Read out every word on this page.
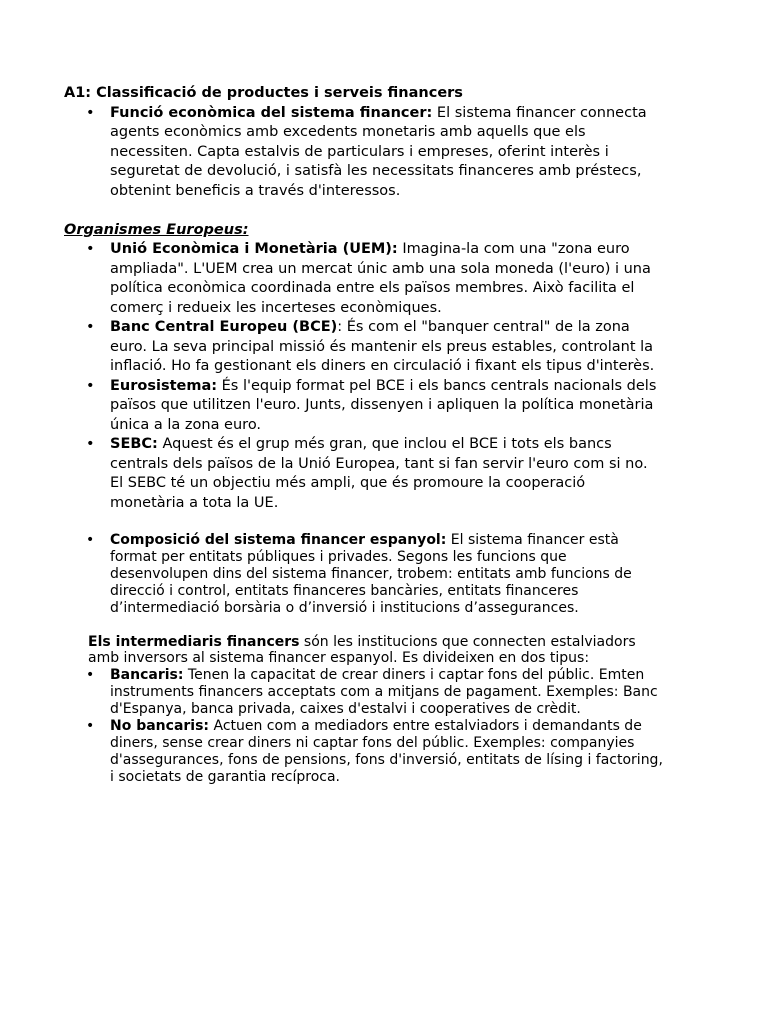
A1: Classificació de productes i serveis financers

• Funció econòmica del sistema financer: El sistema financer connecta agents econòmics amb excedents monetaris amb aquells que els necessiten. Capta estalvis de particulars i empreses, oferint interès i seguretat de devolució, i satisfà les necessitats financeres amb préstecs, obtenint beneficis a través d'interessos.
Organismes Europeus:
• Unió Econòmica i Monetària (UEM): Imagina-la com una "zona euro ampliada". L'UEM crea un mercat únic amb una sola moneda (l'euro) i una política econòmica coordinada entre els països membres. Això facilita el comerç i redueix les incerteses econòmiques.
• Banc Central Europeu (BCE): És com el "banquer central" de la zona euro. La seva principal missió és mantenir els preus estables, controlant la inflació. Ho fa gestionant els diners en circulació i fixant els tipus d'interès.
• Eurosistema: És l'equip format pel BCE i els bancs centrals nacionals dels països que utilitzen l'euro. Junts, dissenyen i apliquen la política monetària única a la zona euro.
• SEBC: Aquest és el grup més gran, que inclou el BCE i tots els bancs centrals dels països de la Unió Europea, tant si fan servir l'euro com si no. El SEBC té un objectiu més ampli, que és promoure la cooperació monetària a tota la UE.
• Composició del sistema financer espanyol: El sistema financer està format per entitats públiques i privades. Segons les funcions que desenvolupen dins del sistema financer, trobem: entitats amb funcions de direcció i control, entitats financeres bancàries, entitats financeres d’intermediació borsària o d’inversió i institucions d’assegurances.
Els intermediaris financers són les institucions que connecten estalviadors amb inversors al sistema financer espanyol. Es divideixen en dos tipus:
• Bancaris: Tenen la capacitat de crear diners i captar fons del públic. Emten instruments financers acceptats com a mitjans de pagament. Exemples: Banc d'Espanya, banca privada, caixes d'estalvi i cooperatives de crèdit.
• No bancaris: Actuen com a mediadors entre estalviadors i demandants de diners, sense crear diners ni captar fons del públic. Exemples: companyies d'assegurances, fons de pensions, fons d'inversió, entitats de lísing i factoring, i societats de garantia recíproca.
